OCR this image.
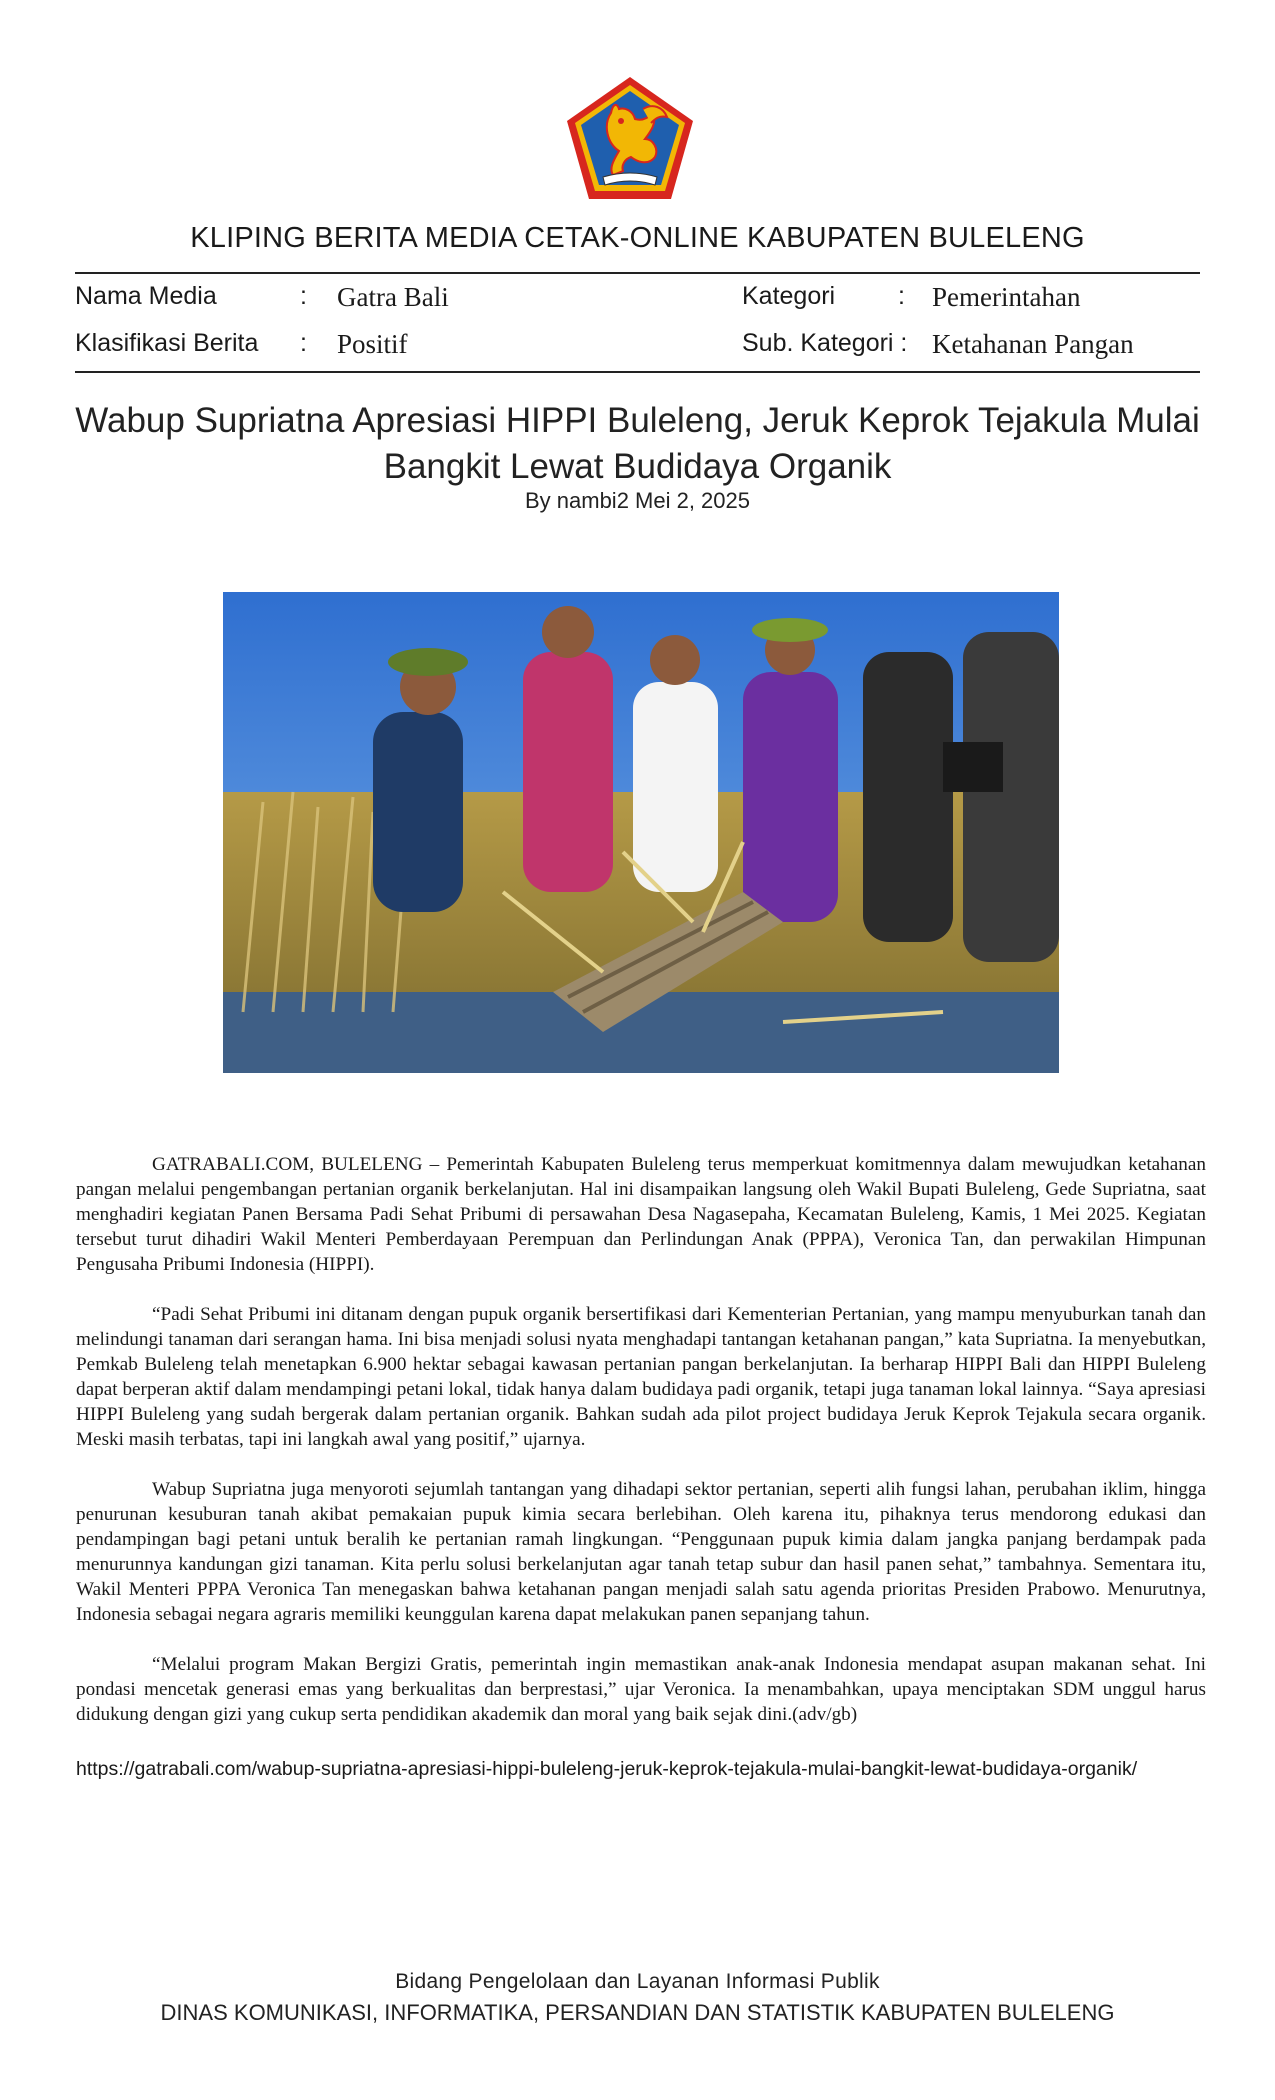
KLIPING BERITA MEDIA CETAK-ONLINE KABUPATEN BULELENG
Nama Media	: Gatra Bali	Kategori	: Pemerintahan
Klasifikasi Berita : Positif	Sub. Kategori : Ketahanan Pangan
Wabup Supriatna Apresiasi HIPPI Buleleng, Jeruk Keprok Tejakula Mulai
Bangkit Lewat Budidaya Organik
By nambi2 Mei 2, 2025

GATRABALI.COM, BULELENG – Pemerintah Kabupaten Buleleng terus memperkuat komitmennya dalam mewujudkan ketahanan pangan melalui pengembangan pertanian organik berkelanjutan. Hal ini disampaikan langsung oleh Wakil Bupati Buleleng, Gede Supriatna, saat menghadiri kegiatan Panen Bersama Padi Sehat Pribumi di persawahan Desa Nagasepaha, Kecamatan Buleleng, Kamis, 1 Mei 2025. Kegiatan tersebut turut dihadiri Wakil Menteri Pemberdayaan Perempuan dan Perlindungan Anak (PPPA), Veronica Tan, dan perwakilan Himpunan Pengusaha Pribumi Indonesia (HIPPI).

“Padi Sehat Pribumi ini ditanam dengan pupuk organik bersertifikasi dari Kementerian Pertanian, yang mampu menyuburkan tanah dan melindungi tanaman dari serangan hama. Ini bisa menjadi solusi nyata menghadapi tantangan ketahanan pangan,” kata Supriatna. Ia menyebutkan, Pemkab Buleleng telah menetapkan 6.900 hektar sebagai kawasan pertanian pangan berkelanjutan. Ia berharap HIPPI Bali dan HIPPI Buleleng dapat berperan aktif dalam mendampingi petani lokal, tidak hanya dalam budidaya padi organik, tetapi juga tanaman lokal lainnya. “Saya apresiasi HIPPI Buleleng yang sudah bergerak dalam pertanian organik. Bahkan sudah ada pilot project budidaya Jeruk Keprok Tejakula secara organik. Meski masih terbatas, tapi ini langkah awal yang positif,” ujarnya.

Wabup Supriatna juga menyoroti sejumlah tantangan yang dihadapi sektor pertanian, seperti alih fungsi lahan, perubahan iklim, hingga penurunan kesuburan tanah akibat pemakaian pupuk kimia secara berlebihan. Oleh karena itu, pihaknya terus mendorong edukasi dan pendampingan bagi petani untuk beralih ke pertanian ramah lingkungan. “Penggunaan pupuk kimia dalam jangka panjang berdampak pada menurunnya kandungan gizi tanaman. Kita perlu solusi berkelanjutan agar tanah tetap subur dan hasil panen sehat,” tambahnya. Sementara itu, Wakil Menteri PPPA Veronica Tan menegaskan bahwa ketahanan pangan menjadi salah satu agenda prioritas Presiden Prabowo. Menurutnya, Indonesia sebagai negara agraris memiliki keunggulan karena dapat melakukan panen sepanjang tahun.

“Melalui program Makan Bergizi Gratis, pemerintah ingin memastikan anak-anak Indonesia mendapat asupan makanan sehat. Ini pondasi mencetak generasi emas yang berkualitas dan berprestasi,” ujar Veronica. Ia menambahkan, upaya menciptakan SDM unggul harus didukung dengan gizi yang cukup serta pendidikan akademik dan moral yang baik sejak dini.(adv/gb)

https://gatrabali.com/wabup-supriatna-apresiasi-hippi-buleleng-jeruk-keprok-tejakula-mulai-bangkit-lewat-budidaya-organik/
Bidang Pengelolaan dan Layanan Informasi Publik
DINAS KOMUNIKASI, INFORMATIKA, PERSANDIAN DAN STATISTIK KABUPATEN BULELENG
